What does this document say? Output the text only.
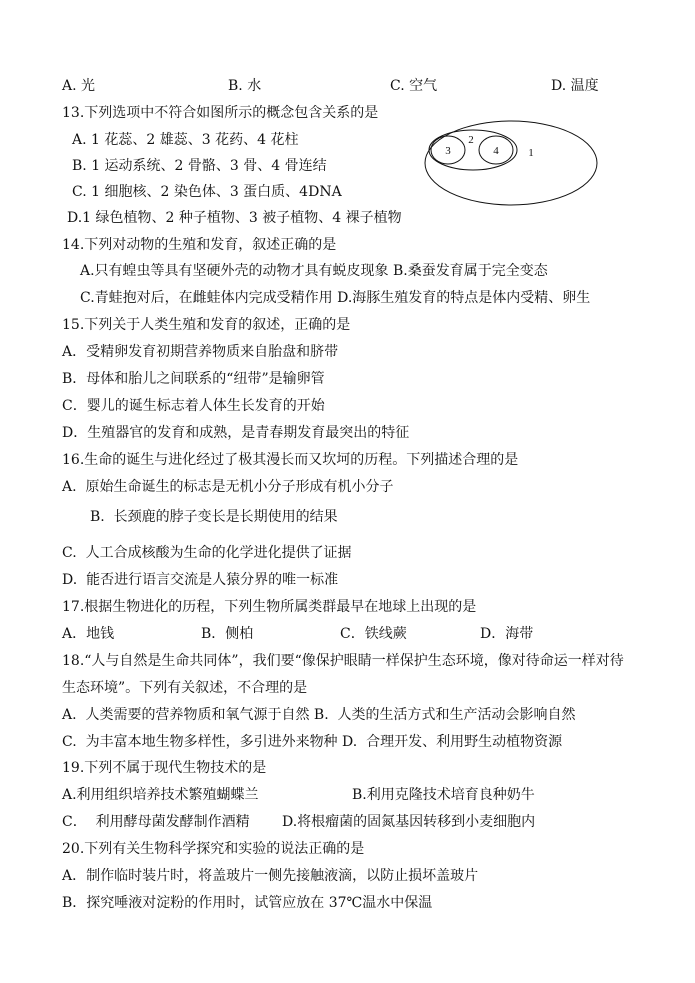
A. 光	B. 水	C. 空气	D. 温度
13.下列选项中不符合如图所示的概念包含关系的是
A. 1 花蕊、2 雄蕊、3 花药、4 花柱
B. 1 运动系统、2 骨骼、3 骨、4 骨连结
C. 1 细胞核、2 染色体、3 蛋白质、4DNA
D.1 绿色植物、2 种子植物、3 被子植物、4 裸子植物
1
2
3	4
14.下列对动物的生殖和发育，叙述正确的是
A.只有蝗虫等具有坚硬外壳的动物才具有蜕皮现象 B.桑蚕发育属于完全变态
C.青蛙抱对后，在雌蛙体内完成受精作用 D.海豚生殖发育的特点是体内受精、卵生
15.下列关于人类生殖和发育的叙述，正确的是
A．受精卵发育初期营养物质来自胎盘和脐带
B．母体和胎儿之间联系的“纽带”是输卵管
C．婴儿的诞生标志着人体生长发育的开始
D．生殖器官的发育和成熟，是青春期发育最突出的特征
16.生命的诞生与进化经过了极其漫长而又坎坷的历程。下列描述合理的是
A.  原始生命诞生的标志是无机小分子形成有机小分子
B.  长颈鹿的脖子变长是长期使用的结果
C.  人工合成核酸为生命的化学进化提供了证据
D.  能否进行语言交流是人猿分界的唯一标准
17.根据生物进化的历程，下列生物所属类群最早在地球上出现的是
A．地钱	B．侧柏	C．铁线蕨	D．海带
18.“人与自然是生命共同体”，我们要“像保护眼睛一样保护生态环境，像对待命运一样对待
生态环境”。下列有关叙述，不合理的是
A.  人类需要的营养物质和氧气源于自然 B.  人类的生活方式和生产活动会影响自然
C.  为丰富本地生物多样性，多引进外来物种 D.  合理开发、利用野生动植物资源
19.下列不属于现代生物技术的是
A.利用组织培养技术繁殖蝴蝶兰	B.利用克隆技术培育良种奶牛
C．  利用酵母菌发酵制作酒精 D.将根瘤菌的固氮基因转移到小麦细胞内
20.下列有关生物科学探究和实验的说法正确的是
A．制作临时装片时，将盖玻片一侧先接触液滴，以防止损坏盖玻片
B．探究唾液对淀粉的作用时，试管应放在 37℃温水中保温
